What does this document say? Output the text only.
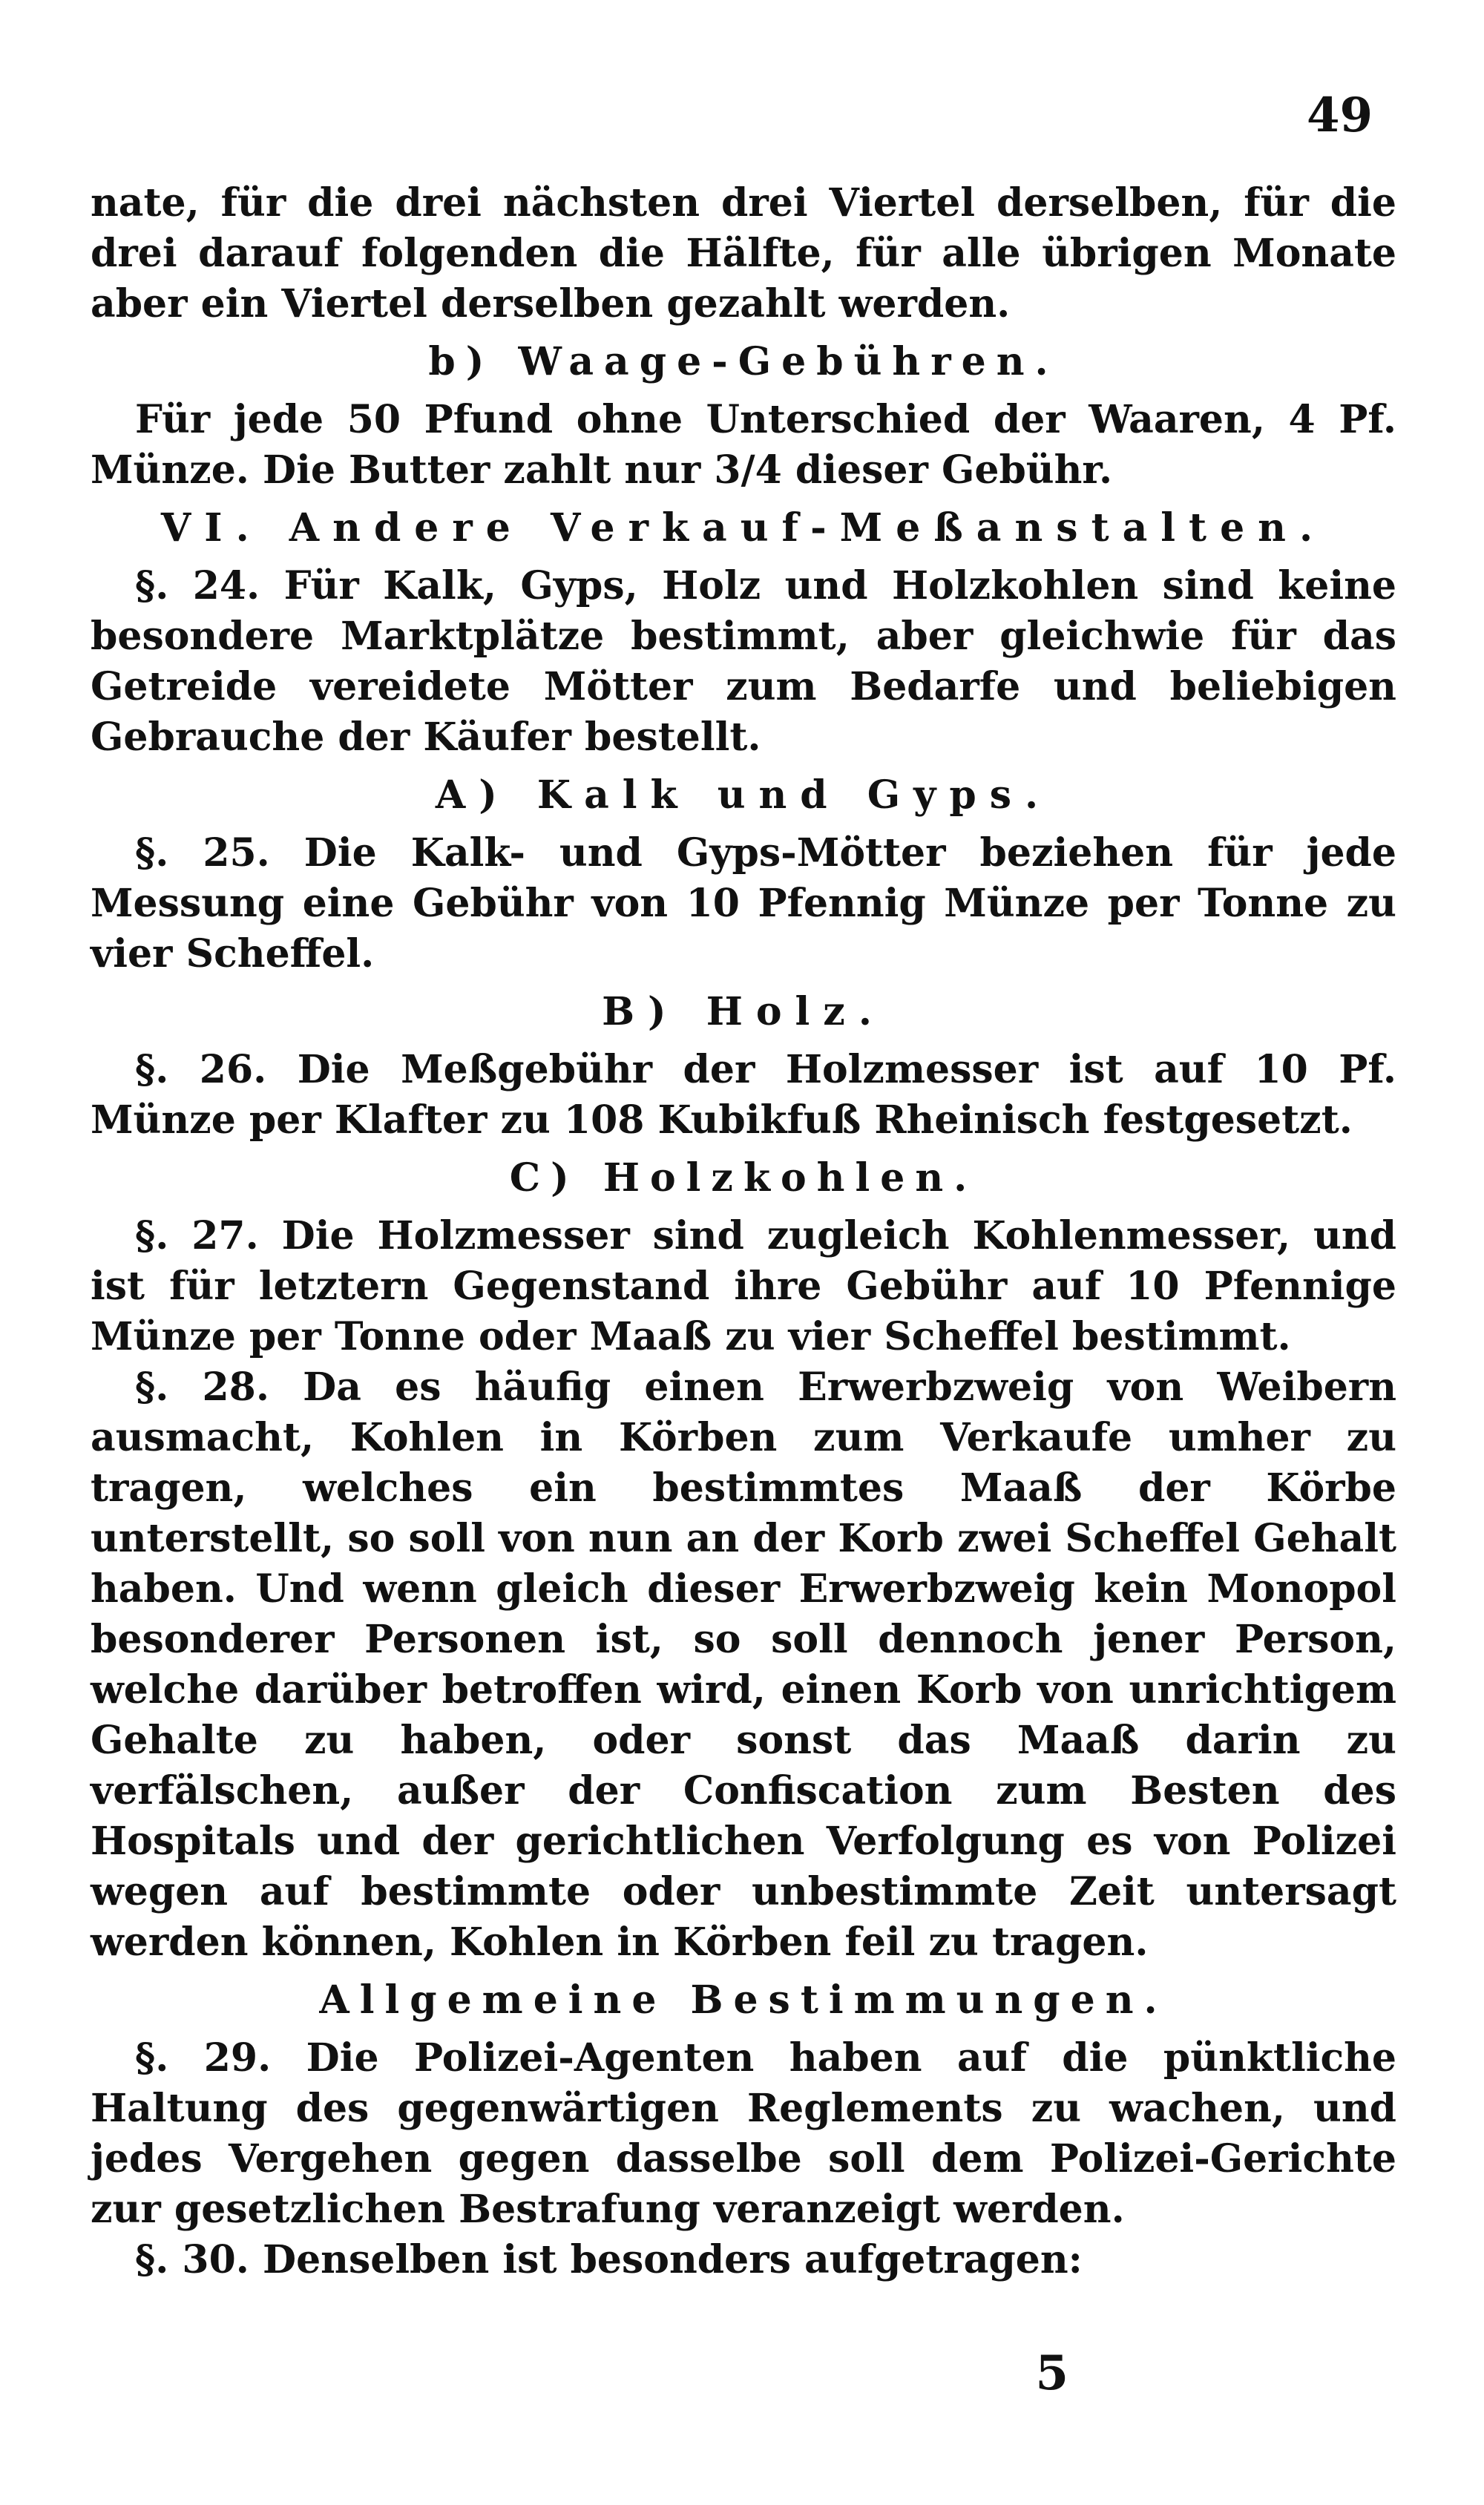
49

nate, für die drei nächsten drei Viertel derselben, für die drei darauf folgenden die Hälfte, für alle übrigen Monate aber ein Viertel derselben gezahlt werden.

b) Waage-Gebühren.

Für jede 50 Pfund ohne Unterschied der Waaren, 4 Pf. Münze. Die Butter zahlt nur 3/4 dieser Gebühr.

VI. Andere Verkauf-Meßanstalten.

§. 24. Für Kalk, Gyps, Holz und Holzkohlen sind keine besondere Marktplätze bestimmt, aber gleichwie für das Getreide vereidete Mötter zum Bedarfe und beliebigen Gebrauche der Käufer bestellt.

A) Kalk und Gyps.

§. 25. Die Kalk- und Gyps-Mötter beziehen für jede Messung eine Gebühr von 10 Pfennig Münze per Tonne zu vier Scheffel.

B) Holz.

§. 26. Die Meßgebühr der Holzmesser ist auf 10 Pf. Münze per Klafter zu 108 Kubikfuß Rheinisch festgesetzt.

C) Holzkohlen.

§. 27. Die Holzmesser sind zugleich Kohlenmesser, und ist für letztern Gegenstand ihre Gebühr auf 10 Pfennige Münze per Tonne oder Maaß zu vier Scheffel bestimmt.

§. 28. Da es häufig einen Erwerbzweig von Weibern ausmacht, Kohlen in Körben zum Verkaufe umher zu tragen, welches ein bestimmtes Maaß der Körbe unterstellt, so soll von nun an der Korb zwei Scheffel Gehalt haben. Und wenn gleich dieser Erwerbzweig kein Monopol besonderer Personen ist, so soll dennoch jener Person, welche darüber betroffen wird, einen Korb von unrichtigem Gehalte zu haben, oder sonst das Maaß darin zu verfälschen, außer der Confiscation zum Besten des Hospitals und der gerichtlichen Verfolgung es von Polizei wegen auf bestimmte oder unbestimmte Zeit untersagt werden können, Kohlen in Körben feil zu tragen.

Allgemeine Bestimmungen.

§. 29. Die Polizei-Agenten haben auf die pünktliche Haltung des gegenwärtigen Reglements zu wachen, und jedes Vergehen gegen dasselbe soll dem Polizei-Gerichte zur gesetzlichen Bestrafung veranzeigt werden.

§. 30. Denselben ist besonders aufgetragen:

5
